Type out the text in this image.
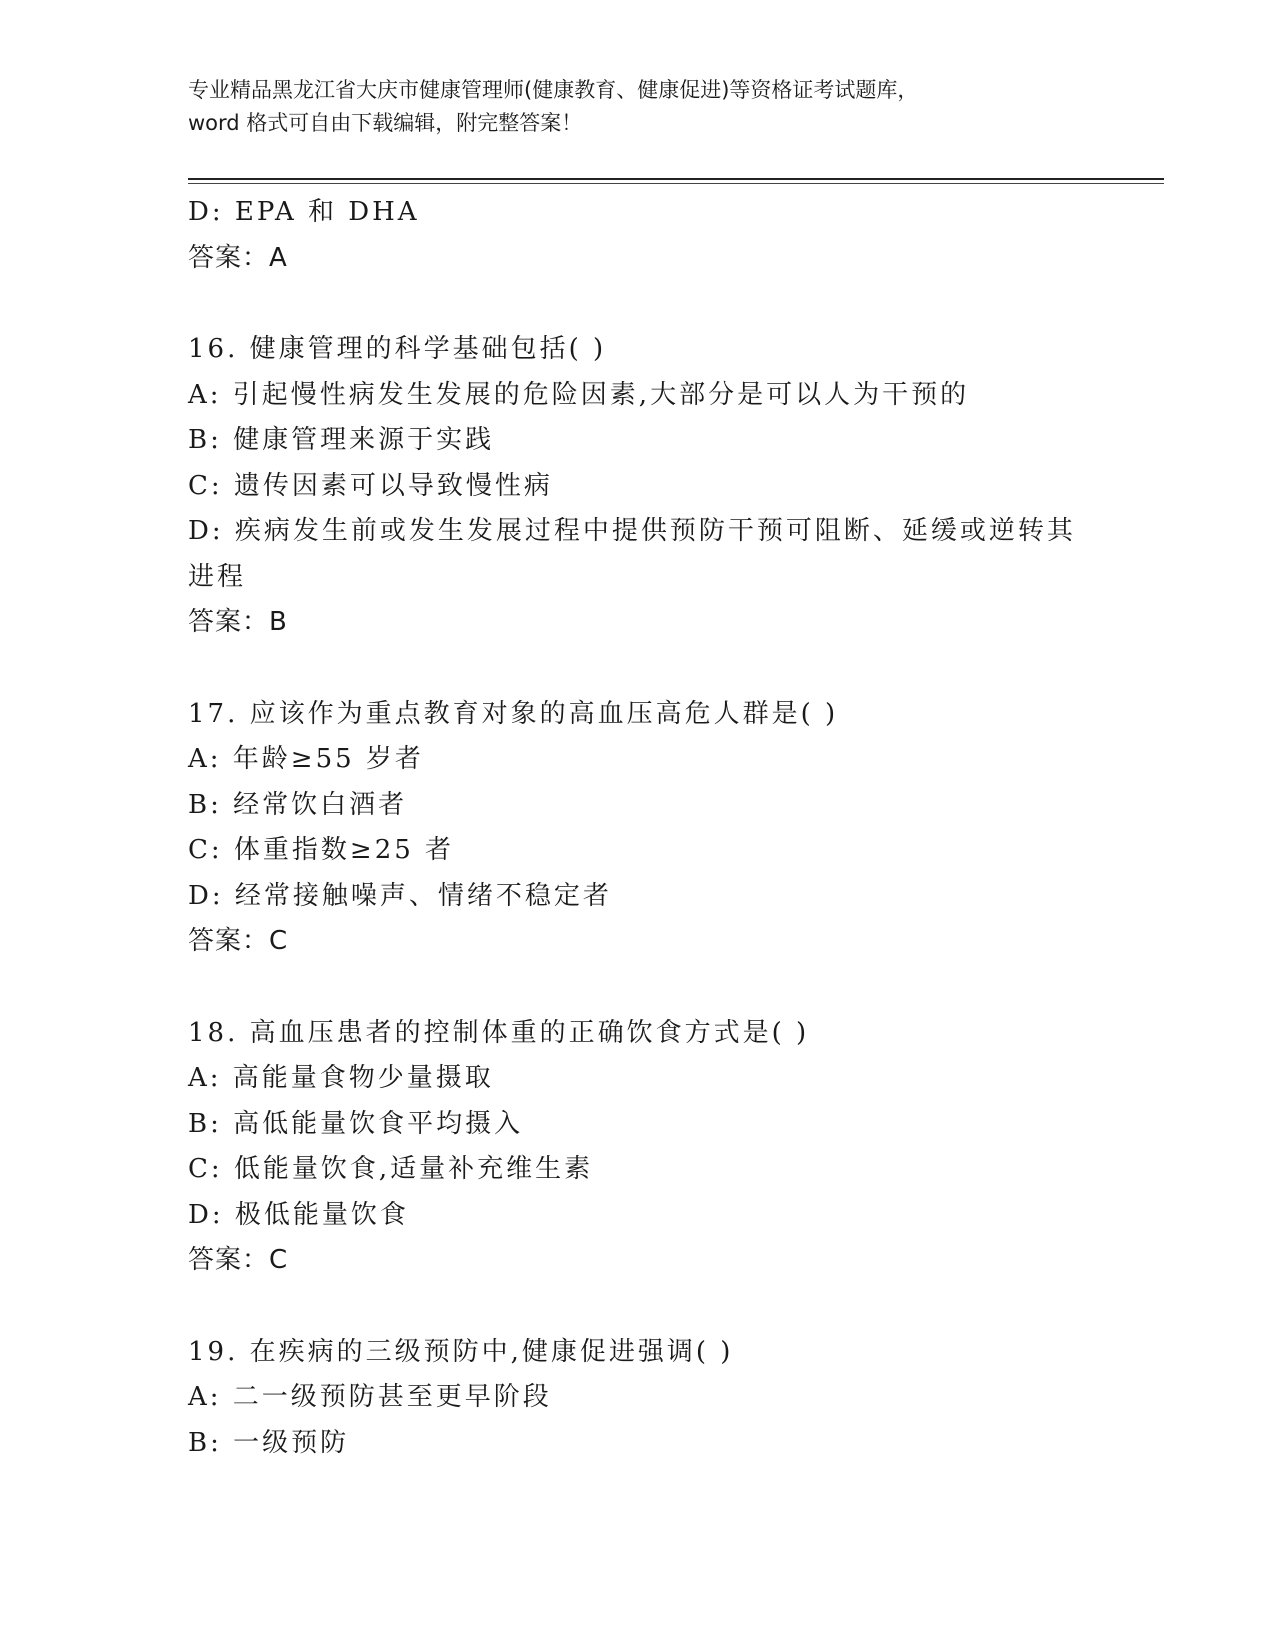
专业精品黑龙江省大庆市健康管理师(健康教育、健康促进)等资格证考试题库，
word 格式可自由下载编辑，附完整答案！
D: EPA 和 DHA
答案：A
16. 健康管理的科学基础包括( )
A: 引起慢性病发生发展的危险因素,大部分是可以人为干预的
B: 健康管理来源于实践
C: 遗传因素可以导致慢性病
D: 疾病发生前或发生发展过程中提供预防干预可阻断、延缓或逆转其
进程
答案：B
17. 应该作为重点教育对象的高血压高危人群是( )
A: 年龄≥55 岁者
B: 经常饮白酒者
C: 体重指数≥25 者
D: 经常接触噪声、情绪不稳定者
答案：C
18. 高血压患者的控制体重的正确饮食方式是( )
A: 高能量食物少量摄取
B: 高低能量饮食平均摄入
C: 低能量饮食,适量补充维生素
D: 极低能量饮食
答案：C
19. 在疾病的三级预防中,健康促进强调( )
A: 二一级预防甚至更早阶段
B: 一级预防
